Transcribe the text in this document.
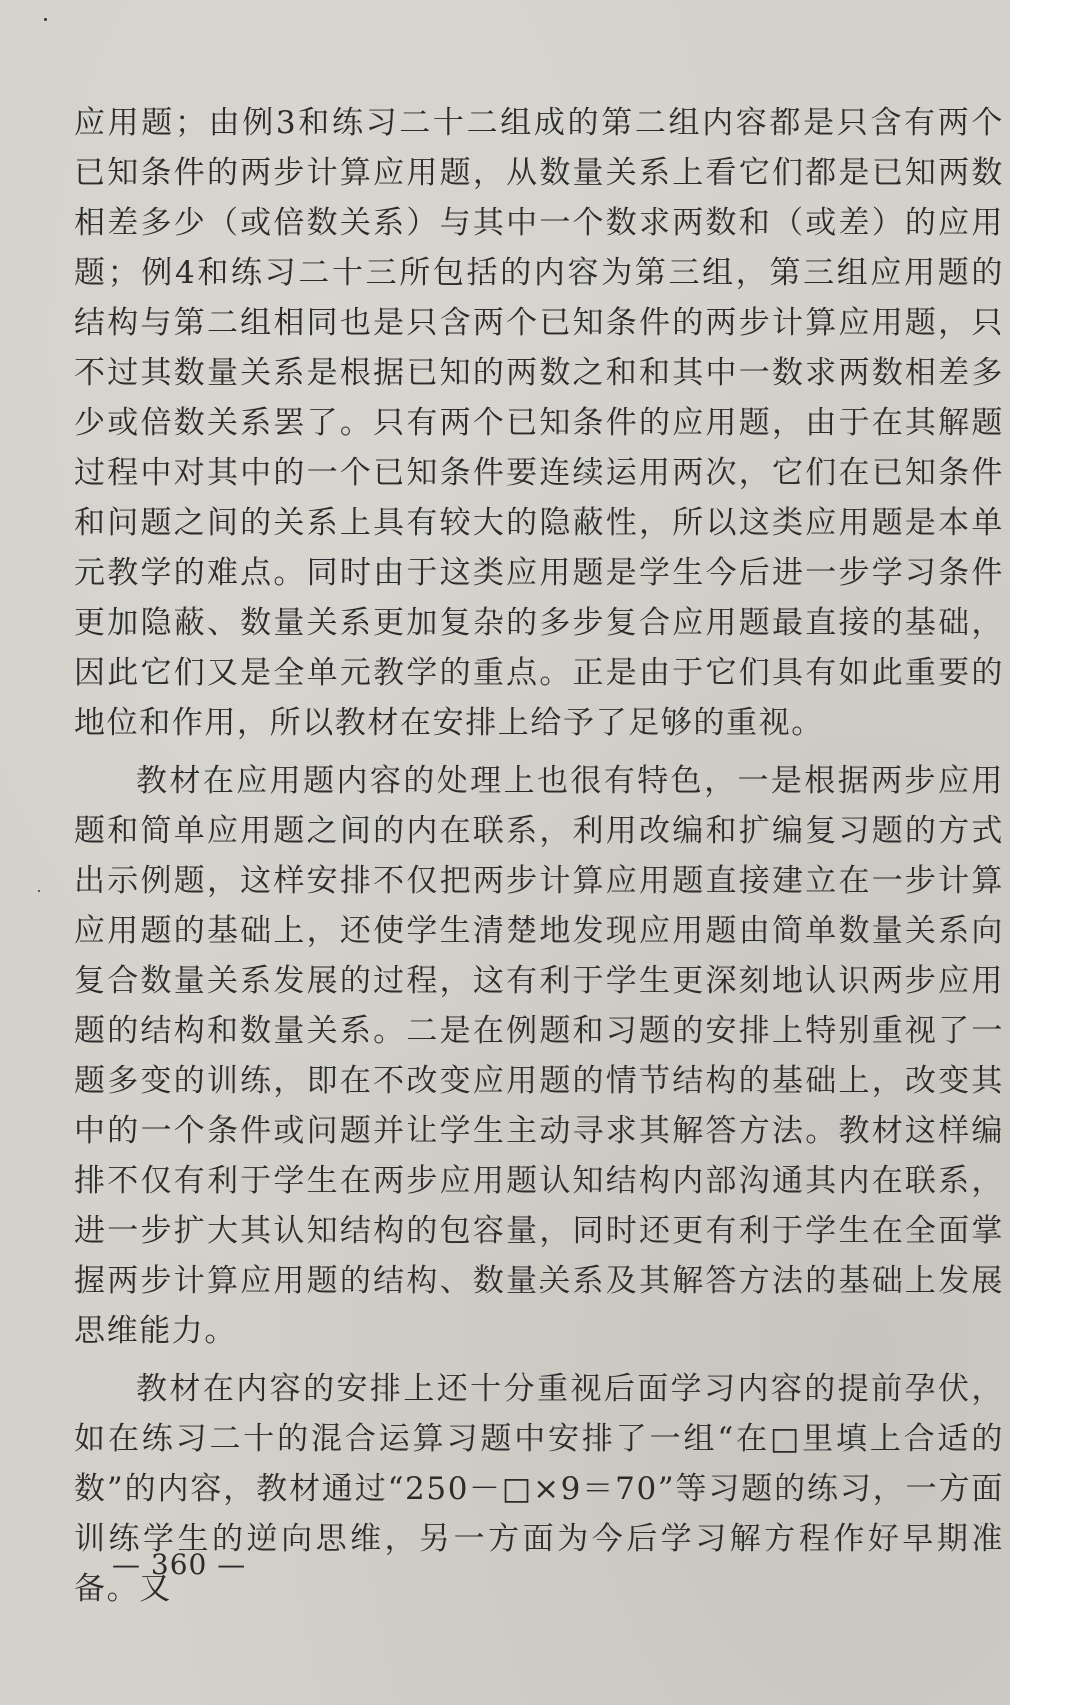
应用题；由例3和练习二十二组成的第二组内容都是只含有两个已知条件的两步计算应用题，从数量关系上看它们都是已知两数相差多少（或倍数关系）与其中一个数求两数和（或差）的应用题；例4和练习二十三所包括的内容为第三组，第三组应用题的结构与第二组相同也是只含两个已知条件的两步计算应用题，只不过其数量关系是根据已知的两数之和和其中一数求两数相差多少或倍数关系罢了。只有两个已知条件的应用题，由于在其解题过程中对其中的一个已知条件要连续运用两次，它们在已知条件和问题之间的关系上具有较大的隐蔽性，所以这类应用题是本单元教学的难点。同时由于这类应用题是学生今后进一步学习条件更加隐蔽、数量关系更加复杂的多步复合应用题最直接的基础，因此它们又是全单元教学的重点。正是由于它们具有如此重要的地位和作用，所以教材在安排上给予了足够的重视。

教材在应用题内容的处理上也很有特色，一是根据两步应用题和简单应用题之间的内在联系，利用改编和扩编复习题的方式出示例题，这样安排不仅把两步计算应用题直接建立在一步计算应用题的基础上，还使学生清楚地发现应用题由简单数量关系向复合数量关系发展的过程，这有利于学生更深刻地认识两步应用题的结构和数量关系。二是在例题和习题的安排上特别重视了一题多变的训练，即在不改变应用题的情节结构的基础上，改变其中的一个条件或问题并让学生主动寻求其解答方法。教材这样编排不仅有利于学生在两步应用题认知结构内部沟通其内在联系，进一步扩大其认知结构的包容量，同时还更有利于学生在全面掌握两步计算应用题的结构、数量关系及其解答方法的基础上发展思维能力。

教材在内容的安排上还十分重视后面学习内容的提前孕伏，如在练习二十的混合运算习题中安排了一组“在□里填上合适的数”的内容，教材通过“250－□×9＝70”等习题的练习，一方面训练学生的逆向思维，另一方面为今后学习解方程作好早期准备。又

— 360 —
